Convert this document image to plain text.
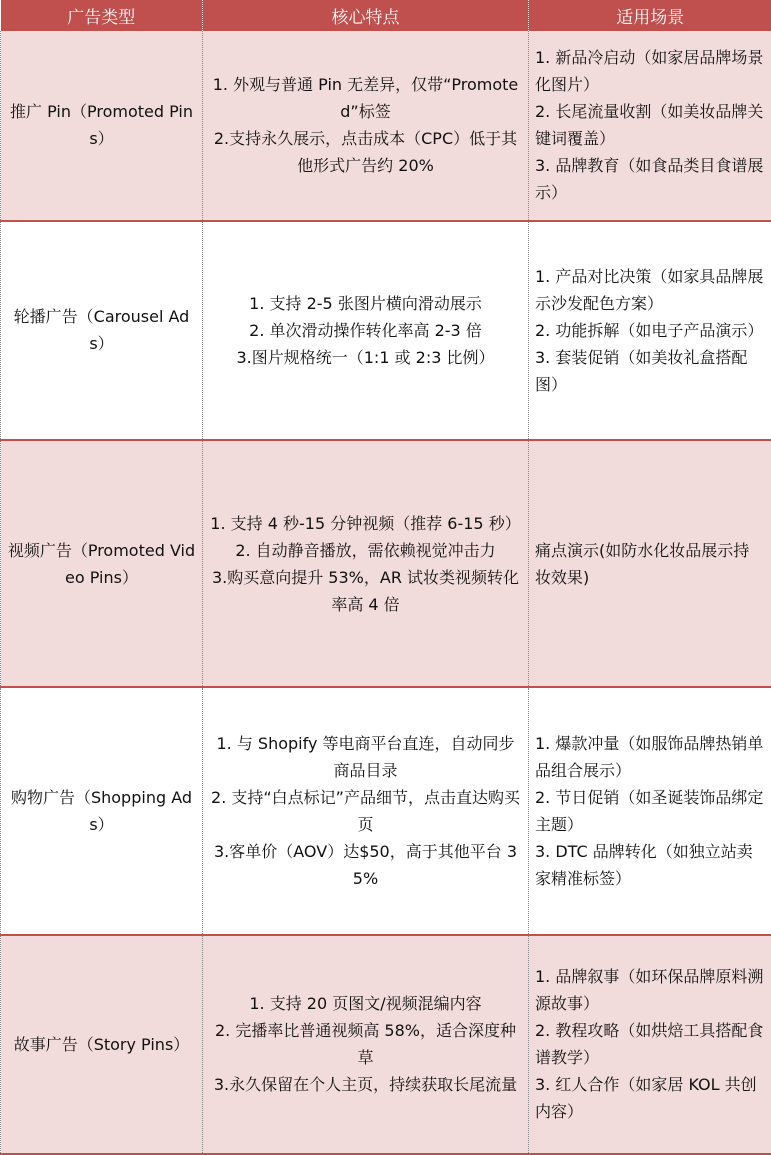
广告类型	核心特点	适用场景
推广 Pin（Promoted Pins）	1. 外观与普通 Pin 无差异，仅带“Promoted”标签
2.支持永久展示，点击成本（CPC）低于其他形式广告约 20%	1. 新品冷启动（如家居品牌场景化图片）
2. 长尾流量收割（如美妆品牌关键词覆盖）
3. 品牌教育（如食品类目食谱展示）

轮播广告（Carousel Ads）	1. 支持 2-5 张图片横向滑动展示
2. 单次滑动操作转化率高 2-3 倍
3.图片规格统一（1:1 或 2:3 比例）	1. 产品对比决策（如家具品牌展示沙发配色方案）
2. 功能拆解（如电子产品演示）
3. 套装促销（如美妆礼盒搭配图）

视频广告（Promoted Video Pins）	1. 支持 4 秒-15 分钟视频（推荐 6-15 秒）
2. 自动静音播放，需依赖视觉冲击力
3.购买意向提升 53%，AR 试妆类视频转化率高 4 倍	痛点演示(如防水化妆品展示持妆效果)

购物广告（Shopping Ads）	1. 与 Shopify 等电商平台直连，自动同步商品目录
2. 支持“白点标记”产品细节，点击直达购买页
3.客单价（AOV）达$50，高于其他平台 35%	1. 爆款冲量（如服饰品牌热销单品组合展示）
2. 节日促销（如圣诞装饰品绑定主题）
3. DTC 品牌转化（如独立站卖家精准标签）

故事广告（Story Pins）	1. 支持 20 页图文/视频混编内容
2. 完播率比普通视频高 58%，适合深度种草
3.永久保留在个人主页，持续获取长尾流量	1. 品牌叙事（如环保品牌原料溯源故事）
2. 教程攻略（如烘焙工具搭配食谱教学）
3. 红人合作（如家居 KOL 共创内容）
